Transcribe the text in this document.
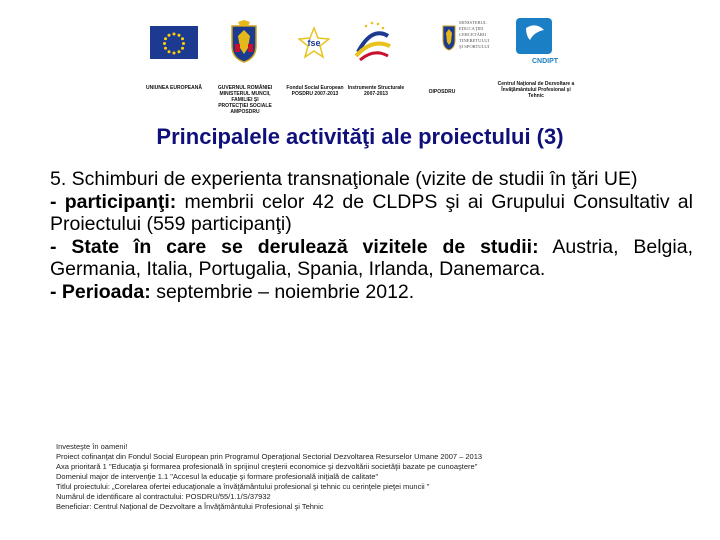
UNIUNEA EUROPEANĂ	GUVERNUL ROMÂNIEI
MINISTERUL MUNCII, FAMILIEI ŞI
PROTECŢIEI SOCIALE
AMPOSDRU
fse
Fondul Social European
POSDRU 2007-2013
Instrumente Structurale
2007-2013	OIPOSDRU
MINISTERUL
EDUCAŢIEI
CERCETĂRII
TINERETULUI
ŞI SPORTULUI
CNDIPT
Centrul Naţional de Dezvoltare a
Învăţământului Profesional şi
Tehnic
Principalele activităţi ale proiectului (3)

5. Schimburi de experienta transnaţionale (vizite de studii în ţări UE)

- participanţi: membrii celor 42 de CLDPS şi ai Grupului Consultativ al Proiectului (559 participanţi)

- State în care se derulează vizitele de studii: Austria, Belgia, Germania, Italia, Portugalia, Spania, Irlanda, Danemarca.

- Perioada: septembrie – noiembrie 2012.

Investeşte în oameni!
Proiect cofinanţat din Fondul Social European prin Programul Operaţional Sectorial Dezvoltarea Resurselor Umane 2007 – 2013
Axa prioritară 1 "Educaţia şi formarea profesională în sprijinul creşterii economice şi dezvoltării societăţii bazate pe cunoaştere"
Domeniul major de intervenţie 1.1 "Accesul la educaţie şi formare profesională iniţială de calitate"
Titlul proiectului: „Corelarea ofertei educaţionale a învăţământului profesional şi tehnic cu cerinţele pieţei muncii "
Numărul de identificare al contractului: POSDRU/55/1.1/S/37932
Beneficiar: Centrul Naţional de Dezvoltare a Învăţământului Profesional şi Tehnic
